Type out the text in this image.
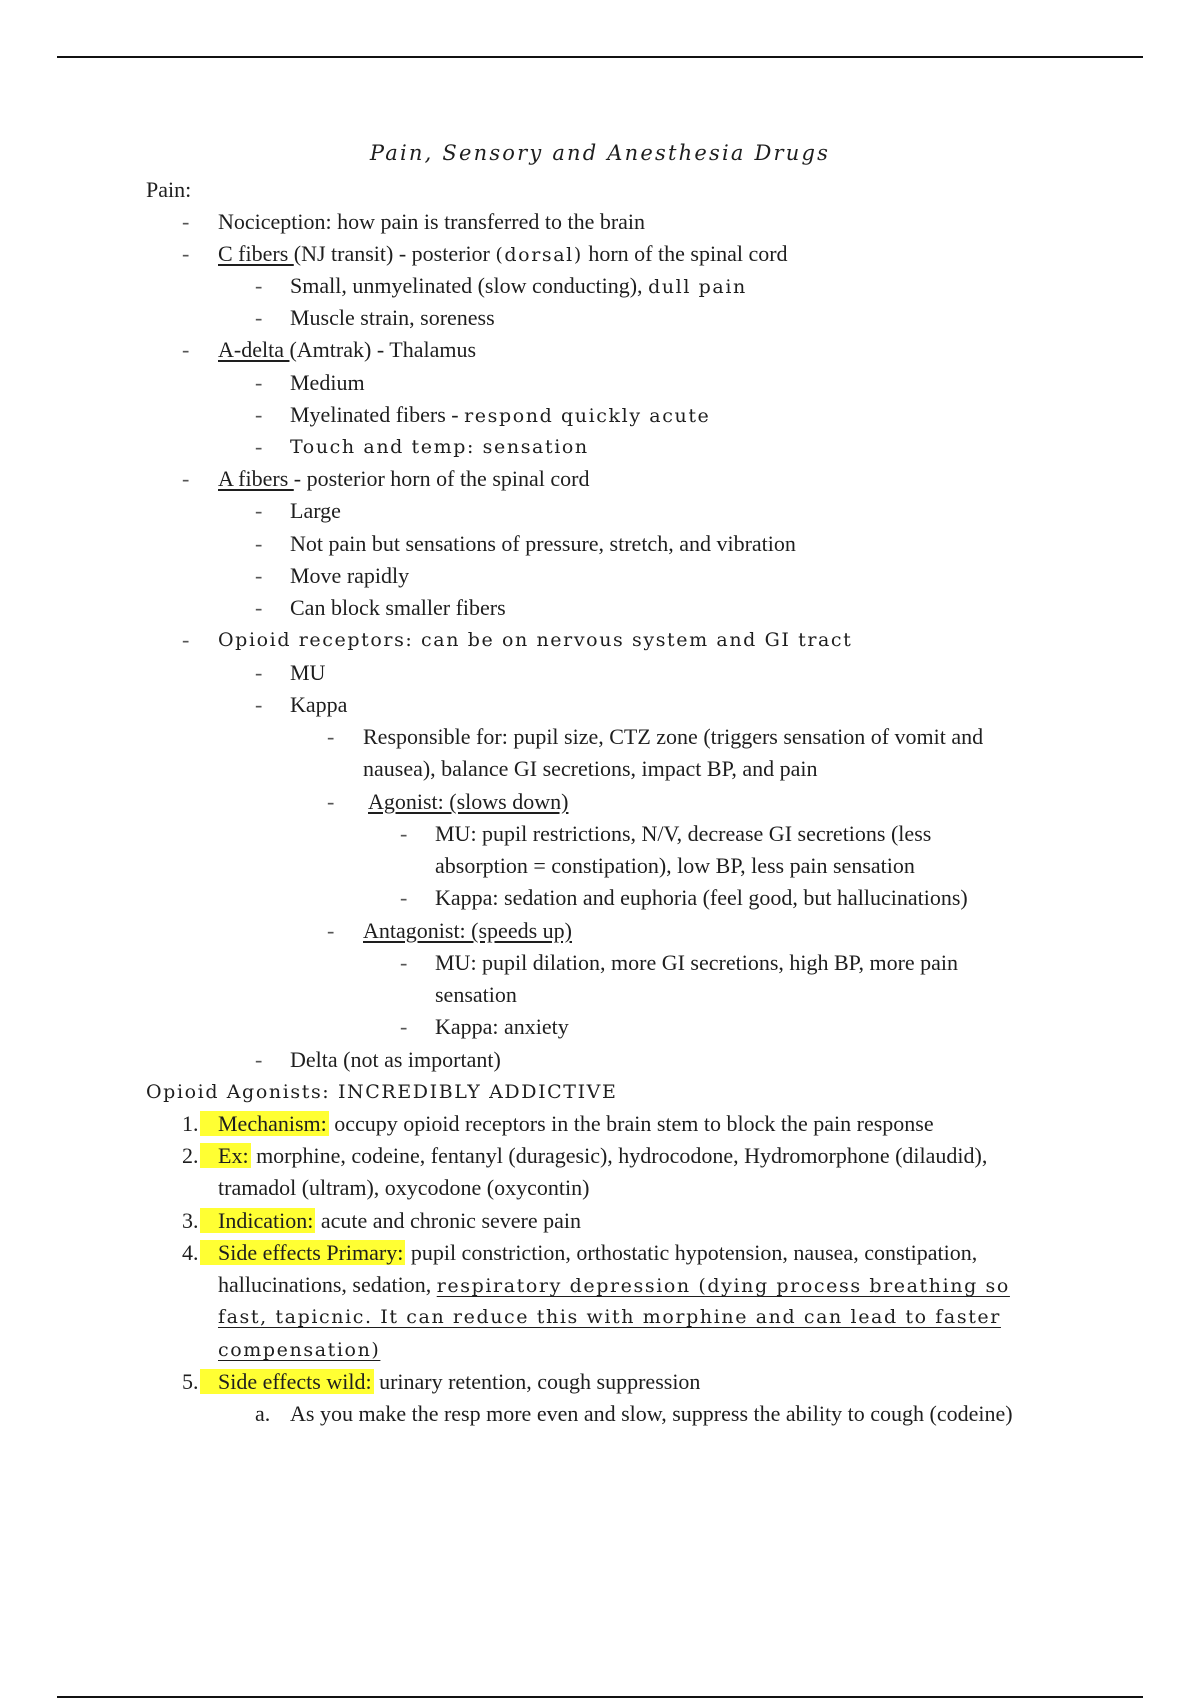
Pain, Sensory and Anesthesia Drugs
Pain:
- Nociception: how pain is transferred to the brain
- C fibers (NJ transit) - posterior (dorsal) horn of the spinal cord
- Small, unmyelinated (slow conducting), dull pain
- Muscle strain, soreness
- A-delta (Amtrak) - Thalamus
- Medium
- Myelinated fibers - respond quickly acute
- Touch and temp: sensation
- A fibers - posterior horn of the spinal cord
- Large
- Not pain but sensations of pressure, stretch, and vibration
- Move rapidly
- Can block smaller fibers
- Opioid receptors: can be on nervous system and GI tract
- MU
- Kappa
- Responsible for: pupil size, CTZ zone (triggers sensation of vomit and
nausea), balance GI secretions, impact BP, and pain
- Agonist: (slows down)
- MU: pupil restrictions, N/V, decrease GI secretions (less
absorption = constipation), low BP, less pain sensation
- Kappa: sedation and euphoria (feel good, but hallucinations)
- Antagonist: (speeds up)
- MU: pupil dilation, more GI secretions, high BP, more pain
sensation
- Kappa: anxiety
- Delta (not as important)
Opioid Agonists: INCREDIBLY ADDICTIVE
1. Mechanism: occupy opioid receptors in the brain stem to block the pain response
2. Ex: morphine, codeine, fentanyl (duragesic), hydrocodone, Hydromorphone (dilaudid),
tramadol (ultram), oxycodone (oxycontin)
3. Indication: acute and chronic severe pain
4. Side effects Primary: pupil constriction, orthostatic hypotension, nausea, constipation,
hallucinations, sedation, respiratory depression (dying process breathing so
fast, tapicnic. It can reduce this with morphine and can lead to faster
compensation)
5. Side effects wild: urinary retention, cough suppression
a. As you make the resp more even and slow, suppress the ability to cough (codeine)
